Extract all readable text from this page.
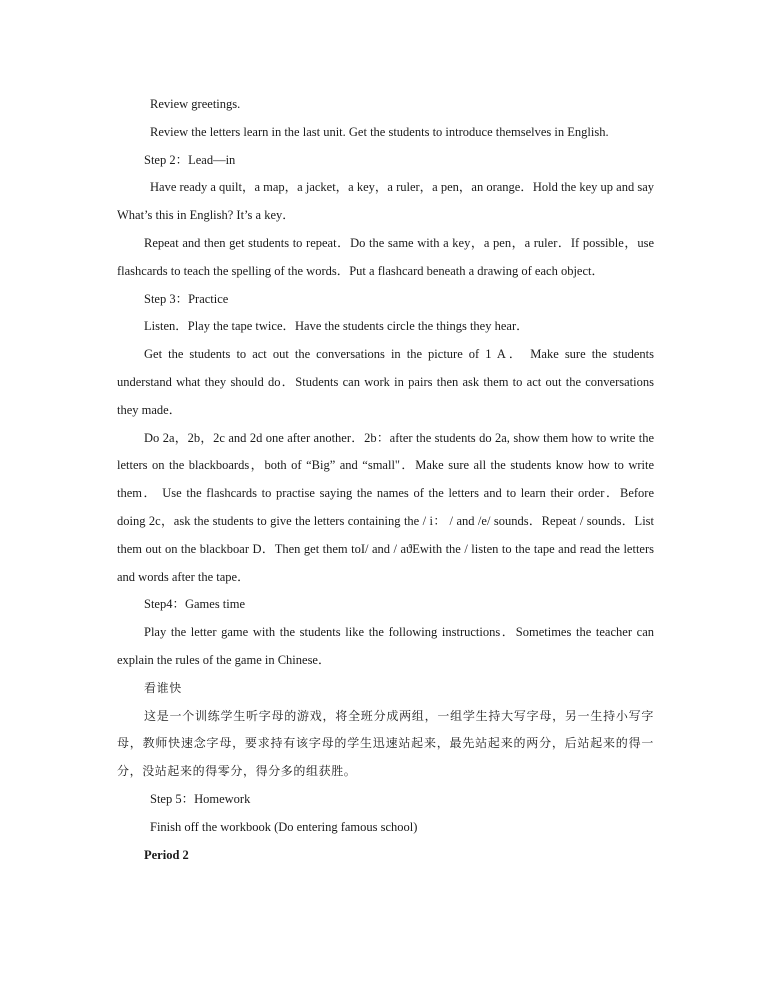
Review greetings.

Review the letters learn in the last unit. Get the students to introduce themselves in English.

Step 2：Lead—in

Have ready a quilt，a map，a jacket，a key，a ruler，a pen，an orange．Hold the key up and say What’s this in English? It’s a key．

Repeat and then get students to repeat．Do the same with a key，a pen，a ruler．If possible，use flashcards to teach the spelling of the words．Put a flashcard beneath a drawing of each object．

Step 3：Practice

Listen．Play the tape twice．Have the students circle the things they hear．

Get the students to act out the conversations in the picture of 1 A． Make sure the students understand what they should do．Students can work in pairs then ask them to act out the conversations they made．

Do 2a，2b，2c and 2d one after another．2b：after the students do 2a, show them how to write the letters on the blackboards，both of “Big” and “small"．Make sure all the students know how to write them． Use the flashcards to practise saying the names of the letters and to learn their order．Before doing 2c，ask the students to give the letters containing the / i： / and /e/ sounds．Repeat / sounds．List them out on the blackboar D．Then get them toI/ and / aϑEwith the / listen to the tape and read the letters and words after the tape．

Step4：Games time

Play the letter game with the students like the following instructions．Sometimes the teacher can explain the rules of the game in Chinese．

看谁快

这是一个训练学生听字母的游戏，将全班分成两组，一组学生持大写字母，另一生持小写字母，教师快速念字母，要求持有该字母的学生迅速站起来，最先站起来的两分，后站起来的得一分，没站起来的得零分，得分多的组获胜。

Step 5：Homework

Finish off the workbook (Do entering famous school)

Period 2
